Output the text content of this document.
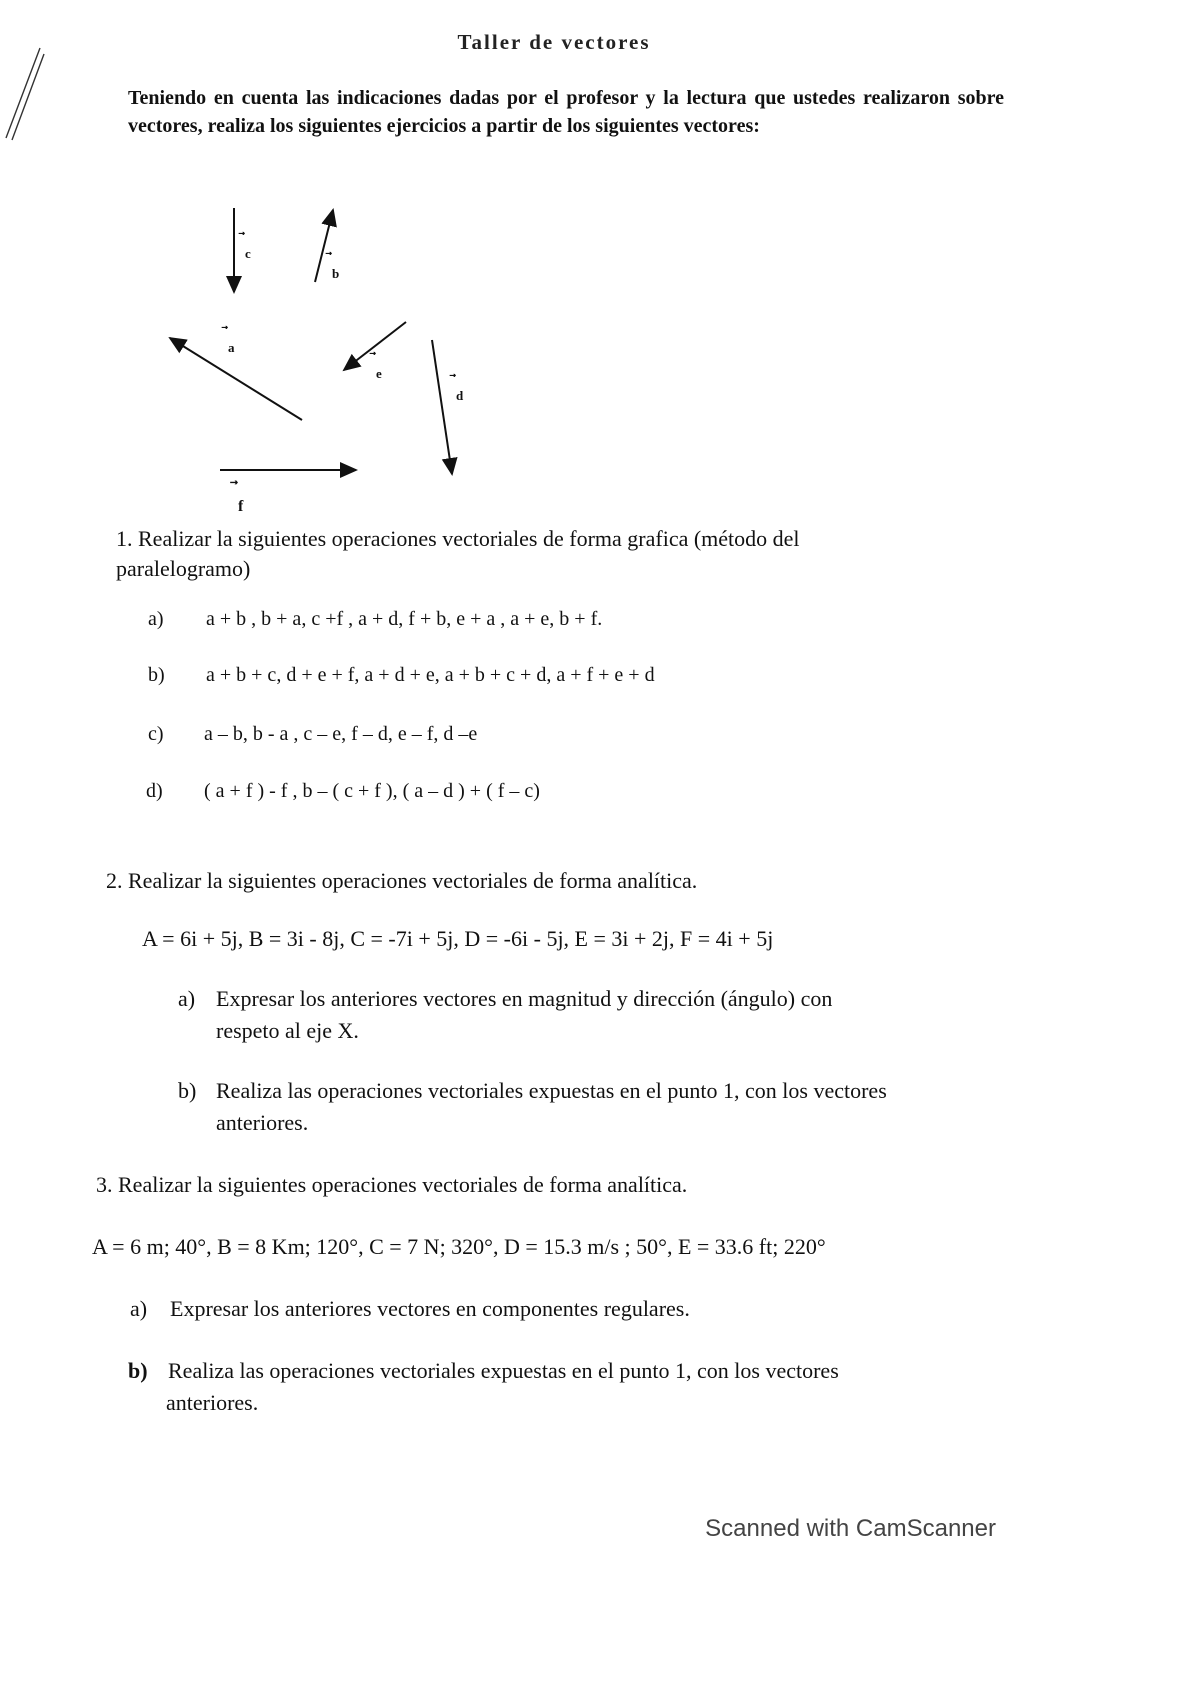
Taller de vectores
Teniendo en cuenta las indicaciones dadas por el profesor y la lectura que ustedes realizaron sobre vectores, realiza los siguientes ejercicios a partir de los siguientes vectores:

c

b

a

e

d

f
1. Realizar la siguientes operaciones vectoriales de forma grafica (método del
paralelogramo)
a) a + b , b + a, c +f , a + d, f + b, e + a , a + e, b + f.
b) a + b + c, d + e + f, a + d + e, a + b + c + d, a + f + e + d
c) a – b, b - a , c – e, f – d, e – f, d –e
d) ( a + f ) - f , b – ( c + f ), ( a – d ) + ( f – c)
2. Realizar la siguientes operaciones vectoriales de forma analítica.
A = 6i + 5j, B = 3i - 8j, C = -7i + 5j, D = -6i - 5j, E = 3i + 2j, F = 4i + 5j
a) Expresar los anteriores vectores en magnitud y dirección (ángulo) con
respeto al eje X.
b) Realiza las operaciones vectoriales expuestas en el punto 1, con los vectores
anteriores.
3. Realizar la siguientes operaciones vectoriales de forma analítica.
A = 6 m; 40°, B = 8 Km; 120°, C = 7 N; 320°, D = 15.3 m/s ; 50°, E = 33.6 ft; 220°
a) Expresar los anteriores vectores en componentes regulares.
b) Realiza las operaciones vectoriales expuestas en el punto 1, con los vectores
anteriores.
Scanned with CamScanner
